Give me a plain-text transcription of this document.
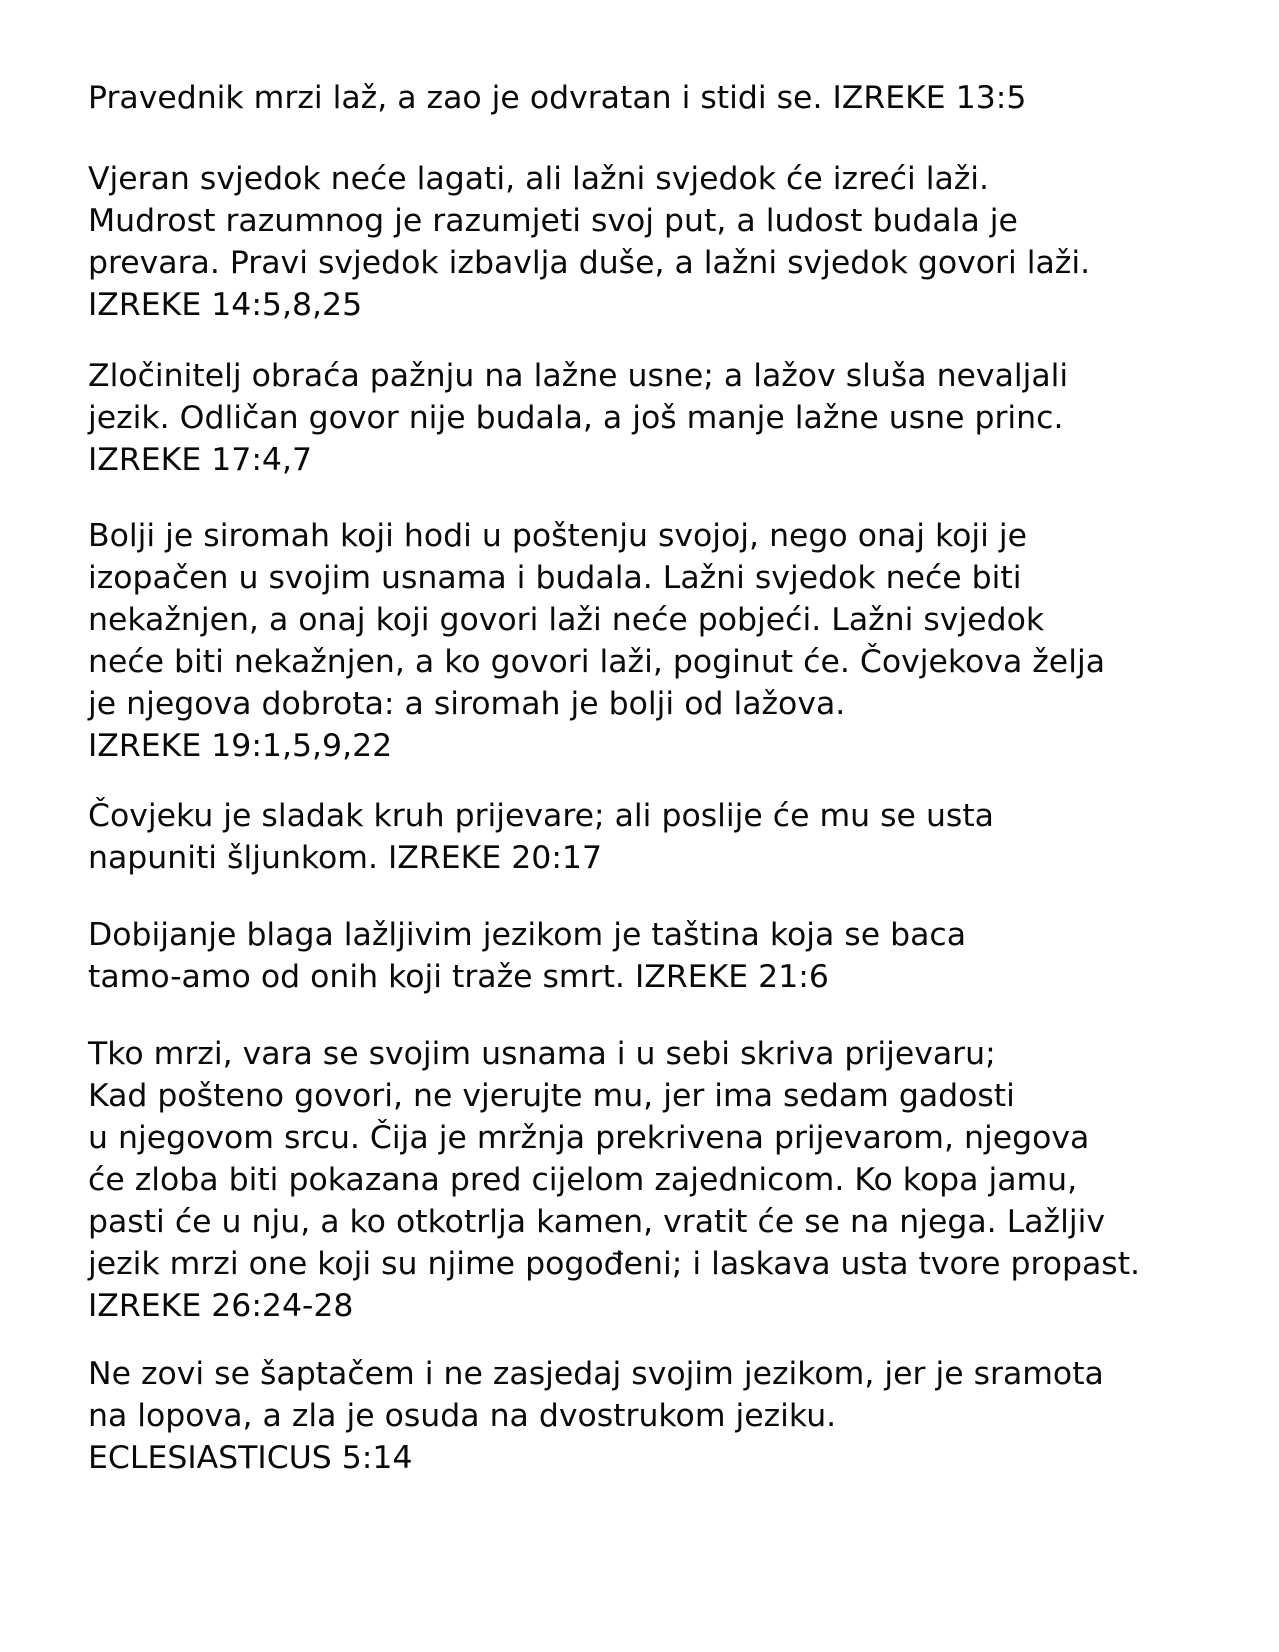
Pravednik mrzi laž, a zao je odvratan i stidi se. IZREKE 13:5

Vjeran svjedok neće lagati, ali lažni svjedok će izreći laži.
Mudrost razumnog je razumjeti svoj put, a ludost budala je
prevara. Pravi svjedok izbavlja duše, a lažni svjedok govori laži.
IZREKE 14:5,8,25

Zločinitelj obraća pažnju na lažne usne; a lažov sluša nevaljali
jezik. Odličan govor nije budala, a još manje lažne usne princ.
IZREKE 17:4,7

Bolji je siromah koji hodi u poštenju svojoj, nego onaj koji je
izopačen u svojim usnama i budala. Lažni svjedok neće biti
nekažnjen, a onaj koji govori laži neće pobjeći. Lažni svjedok
neće biti nekažnjen, a ko govori laži, poginut će. Čovjekova želja
je njegova dobrota: a siromah je bolji od lažova.
IZREKE 19:1,5,9,22

Čovjeku je sladak kruh prijevare; ali poslije će mu se usta
napuniti šljunkom. IZREKE 20:17

Dobijanje blaga lažljivim jezikom je taština koja se baca
tamo-amo od onih koji traže smrt. IZREKE 21:6

Tko mrzi, vara se svojim usnama i u sebi skriva prijevaru;
Kad pošteno govori, ne vjerujte mu, jer ima sedam gadosti
u njegovom srcu. Čija je mržnja prekrivena prijevarom, njegova
će zloba biti pokazana pred cijelom zajednicom. Ko kopa jamu,
pasti će u nju, a ko otkotrlja kamen, vratit će se na njega. Lažljiv
jezik mrzi one koji su njime pogođeni; i laskava usta tvore propast.
IZREKE 26:24-28

Ne zovi se šaptačem i ne zasjedaj svojim jezikom, jer je sramota
na lopova, a zla je osuda na dvostrukom jeziku.
ECLESIASTICUS 5:14
